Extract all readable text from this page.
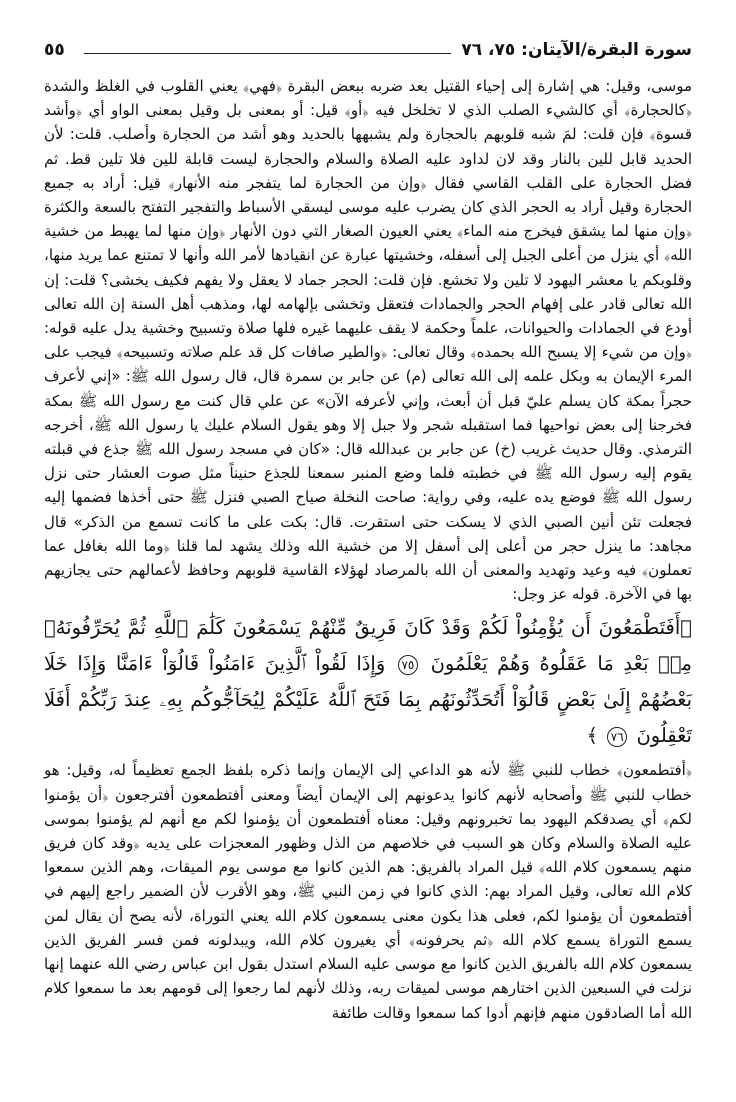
سورة البقرة/الآيتان: ٧٥، ٧٦
٥٥

موسى، وقيل: هي إشارة إلى إحياء القتيل بعد ضربه ببعض البقرة ﴿فهي﴾ يعني القلوب في الغلظ والشدة ﴿كالحجارة﴾ أي كالشيء الصلب الذي لا تخلخل فيه ﴿أو﴾ قيل: أو بمعنى بل وقيل بمعنى الواو أي ﴿وأشد قسوة﴾ فإن قلت: لمَ شبه قلوبهم بالحجارة ولم يشبهها بالحديد وهو أشد من الحجارة وأصلب. قلت: لأن الحديد قابل للين بالنار وقد لان لداود عليه الصلاة والسلام والحجارة ليست قابلة للين فلا تلين قط. ثم فضل الحجارة على القلب القاسي فقال ﴿وإن من الحجارة لما يتفجر منه الأنهار﴾ قيل: أراد به جميع الحجارة وقيل أراد به الحجر الذي كان يضرب عليه موسى ليسقي الأسباط والتفجير التفتح بالسعة والكثرة ﴿وإن منها لما يشقق فيخرج منه الماء﴾ يعني العيون الصغار التي دون الأنهار ﴿وإن منها لما يهبط من خشية الله﴾ أي ينزل من أعلى الجبل إلى أسفله، وخشيتها عبارة عن انقيادها لأمر الله وأنها لا تمتنع عما يريد منها، وقلوبكم يا معشر اليهود لا تلين ولا تخشع. فإن قلت: الحجر جماد لا يعقل ولا يفهم فكيف يخشى؟ قلت: إن الله تعالى قادر على إفهام الحجر والجمادات فتعقل وتخشى بإلهامه لها، ومذهب أهل السنة إن الله تعالى أودع في الجمادات والحيوانات، علماً وحكمة لا يقف عليهما غيره فلها صلاة وتسبيح وخشية يدل عليه قوله: ﴿وإن من شيء إلا يسبح الله بحمده﴾ وقال تعالى: ﴿والطير صافات كل قد علم صلاته وتسبيحه﴾ فيجب على المرء الإيمان به وبكل علمه إلى الله تعالى (م) عن جابر بن سمرة قال، قال رسول الله ﷺ: «إني لأعرف حجراً بمكة كان يسلم عليّ قبل أن أبعث، وإني لأعرفه الآن» عن علي قال كنت مع رسول الله ﷺ بمكة فخرجنا إلى بعض نواحيها فما استقبله شجر ولا جبل إلا وهو يقول السلام عليك يا رسول الله ﷺ، أخرجه الترمذي. وقال حديث غريب (خ) عن جابر بن عبدالله قال: «كان في مسجد رسول الله ﷺ جذع في قبلته يقوم إليه رسول الله ﷺ في خطبته فلما وضع المنبر سمعنا للجذع حنيناً مثل صوت العشار حتى نزل رسول الله ﷺ فوضع يده عليه، وفي رواية: صاحت النخلة صياح الصبي فنزل ﷺ حتى أخذها فضمها إليه فجعلت تئن أنين الصبي الذي لا يسكت حتى استقرت. قال: بكت على ما كانت تسمع من الذكر» قال مجاهد: ما ينزل حجر من أعلى إلى أسفل إلا من خشية الله وذلك يشهد لما قلنا ﴿وما الله بغافل عما تعملون﴾ فيه وعيد وتهديد والمعنى أن الله بالمرصاد لهؤلاء القاسية قلوبهم وحافظ لأعمالهم حتى يجازيهم بها في الآخرة. قوله عز وجل:

﴿أَفَتَطْمَعُونَ أَن يُؤْمِنُواْ لَكُمْ وَقَدْ كَانَ فَرِيقٌ مِّنْهُمْ يَسْمَعُونَ كَلَٰمَ ٱللَّهِ ثُمَّ يُحَرِّفُونَهُۥ مِنۢ بَعْدِ مَا عَقَلُوهُ وَهُمْ يَعْلَمُونَ ٧٥ وَإِذَا لَقُواْ ٱلَّذِينَ ءَامَنُواْ قَالُوٓاْ ءَامَنَّا وَإِذَا خَلَا بَعْضُهُمْ إِلَىٰ بَعْضٍ قَالُوٓاْ أَتُحَدِّثُونَهُم بِمَا فَتَحَ ٱللَّهُ عَلَيْكُمْ لِيُحَآجُّوكُم بِهِۦ عِندَ رَبِّكُمْ أَفَلَا تَعْقِلُونَ ٧٦ ﴾

﴿أفتطمعون﴾ خطاب للنبي ﷺ لأنه هو الداعي إلى الإيمان وإنما ذكره بلفظ الجمع تعظيماً له، وقيل: هو خطاب للنبي ﷺ وأصحابه لأنهم كانوا يدعونهم إلى الإيمان أيضاً ومعنى أفتطمعون أفترجعون ﴿أن يؤمنوا لكم﴾ أي يصدقكم اليهود بما تخبرونهم وقيل: معناه أفتطمعون أن يؤمنوا لكم مع أنهم لم يؤمنوا بموسى عليه الصلاة والسلام وكان هو السبب في خلاصهم من الذل وظهور المعجزات على يديه ﴿وقد كان فريق منهم يسمعون كلام الله﴾ قيل المراد بالفريق: هم الذين كانوا مع موسى يوم الميقات، وهم الذين سمعوا كلام الله تعالى، وقيل المراد بهم: الذي كانوا في زمن النبي ﷺ، وهو الأقرب لأن الضمير راجع إليهم في أفتطمعون أن يؤمنوا لكم، فعلى هذا يكون معنى يسمعون كلام الله يعني التوراة، لأنه يصح أن يقال لمن يسمع التوراة يسمع كلام الله ﴿ثم يحرفونه﴾ أي يغيرون كلام الله، ويبدلونه فمن فسر الفريق الذين يسمعون كلام الله بالفريق الذين كانوا مع موسى عليه السلام استدل بقول ابن عباس رضي الله عنهما إنها نزلت في السبعين الذين اختارهم موسى لميقات ربه، وذلك لأنهم لما رجعوا إلى قومهم بعد ما سمعوا كلام الله أما الصادقون منهم فإنهم أدوا كما سمعوا وقالت طائفة
